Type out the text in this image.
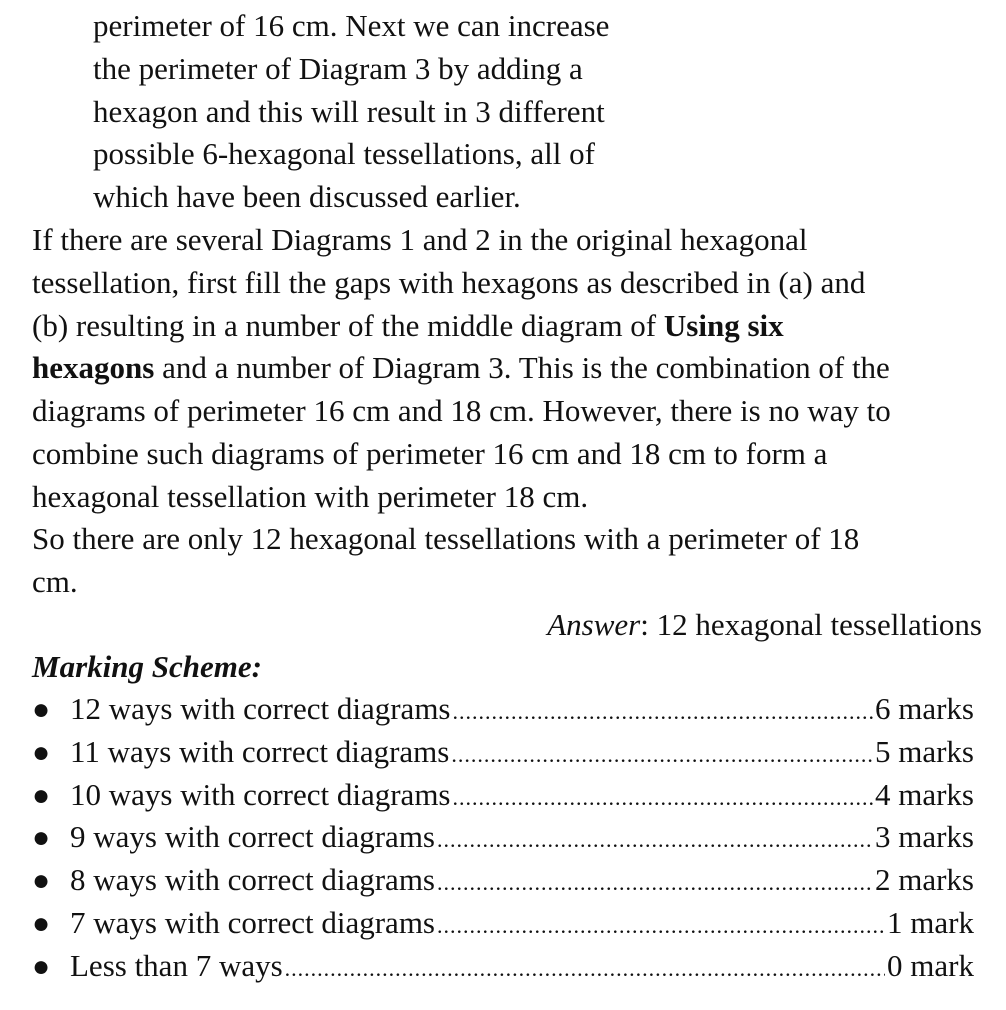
perimeter of 16 cm. Next we can increase
the perimeter of Diagram 3 by adding a
hexagon and this will result in 3 different
possible 6-hexagonal tessellations, all of
which have been discussed earlier.
If there are several Diagrams 1 and 2 in the original hexagonal
tessellation, first fill the gaps with hexagons as described in (a) and
(b) resulting in a number of the middle diagram of Using six
hexagons and a number of Diagram 3. This is the combination of the
diagrams of perimeter 16 cm and 18 cm. However, there is no way to
combine such diagrams of perimeter 16 cm and 18 cm to form a
hexagonal tessellation with perimeter 18 cm.
So there are only 12 hexagonal tessellations with a perimeter of 18
cm.
Answer: 12 hexagonal tessellations
Marking Scheme:
● 12 ways with correct diagrams .....	6 marks
● 11 ways with correct diagrams .....	5 marks
● 10 ways with correct diagrams .....	4 marks
● 9 ways with correct diagrams .....	3 marks
● 8 ways with correct diagrams .....	2 marks
● 7 ways with correct diagrams .....	1 mark
● Less than 7 ways .....	0 mark
